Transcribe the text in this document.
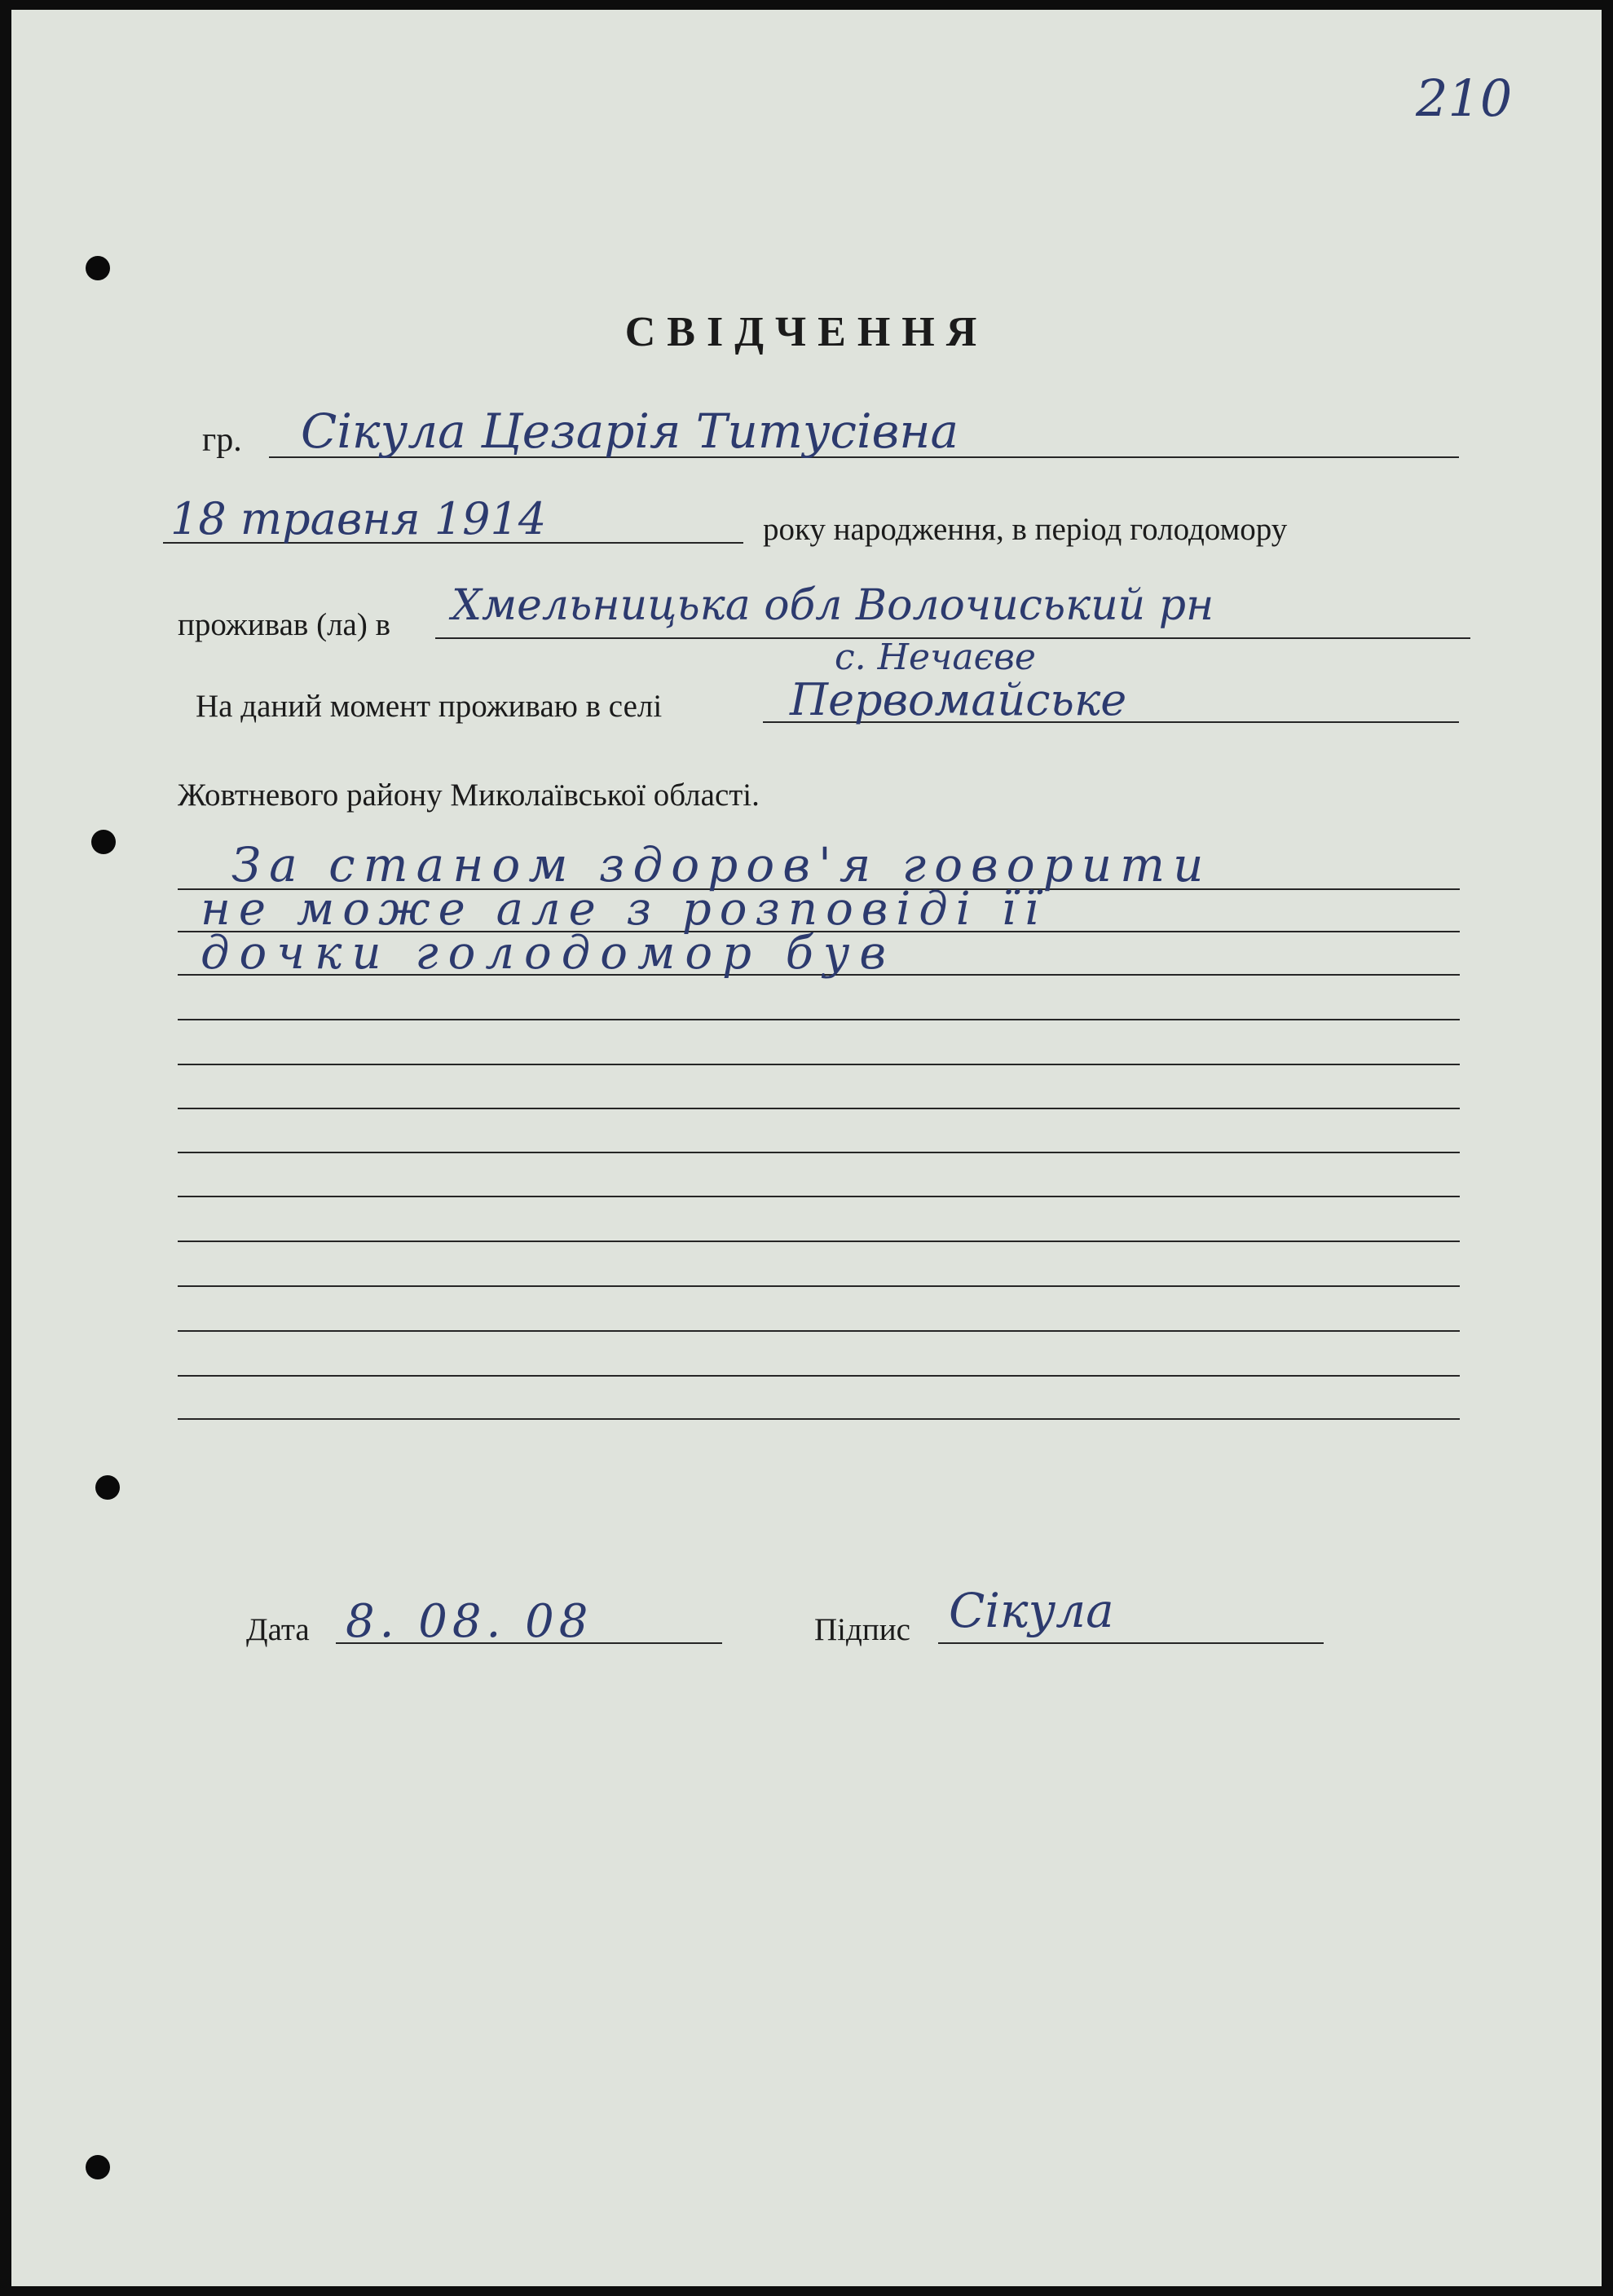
210
СВІДЧЕННЯ
гр. Сікула Цезарія Титусівна
18 травня 1914	року народження, в період голодомору
проживав (ла) в Хмельницька обл Волочиський рн
с. Нечаєве
На даний момент проживаю в селі	Первомайське
Жовтневого району Миколаївської області.
За станом здоров'я говорити
не може але з розповіді її
дочки голодомор був
Дата 8. 08. 08	Підпис Сікула
